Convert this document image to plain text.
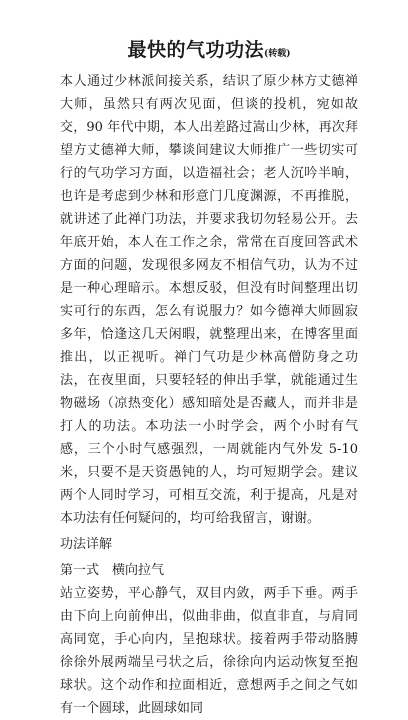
最快的气功功法(转载)

本人通过少林派间接关系，结识了原少林方丈德禅大师，虽然只有两次见面，但谈的投机，宛如故交，90 年代中期，本人出差路过嵩山少林，再次拜望方丈德禅大师，攀谈间建议大师推广一些切实可行的气功学习方面，以造福社会；老人沉吟半晌，也许是考虑到少林和形意门几度渊源，不再推脱，就讲述了此禅门功法，并要求我切勿轻易公开。去年底开始，本人在工作之余，常常在百度回答武术方面的问题，发现很多网友不相信气功，认为不过是一种心理暗示。本想反驳，但没有时间整理出切实可行的东西，怎么有说服力？如今德禅大师圆寂多年，恰逢这几天闲暇，就整理出来，在博客里面推出，以正视听。禅门气功是少林高僧防身之功法，在夜里面，只要轻轻的伸出手掌，就能通过生物磁场（凉热变化）感知暗处是否藏人，而并非是打人的功法。本功法一小时学会，两个小时有气感，三个小时气感强烈，一周就能内气外发 5-10 米，只要不是天资愚钝的人，均可短期学会。建议两个人同时学习，可相互交流，利于提高，凡是对本功法有任何疑问的，均可给我留言，谢谢。

功法详解

第一式　横向拉气

站立姿势，平心静气，双目内敛，两手下垂。两手由下向上向前伸出，似曲非曲，似直非直，与肩同高同宽，手心向内，呈抱球状。接着两手带动胳膊徐徐外展两端呈弓状之后，徐徐向内运动恢复至抱球状。这个动作和拉面相近，意想两手之间之气如有一个圆球，此圆球如同
